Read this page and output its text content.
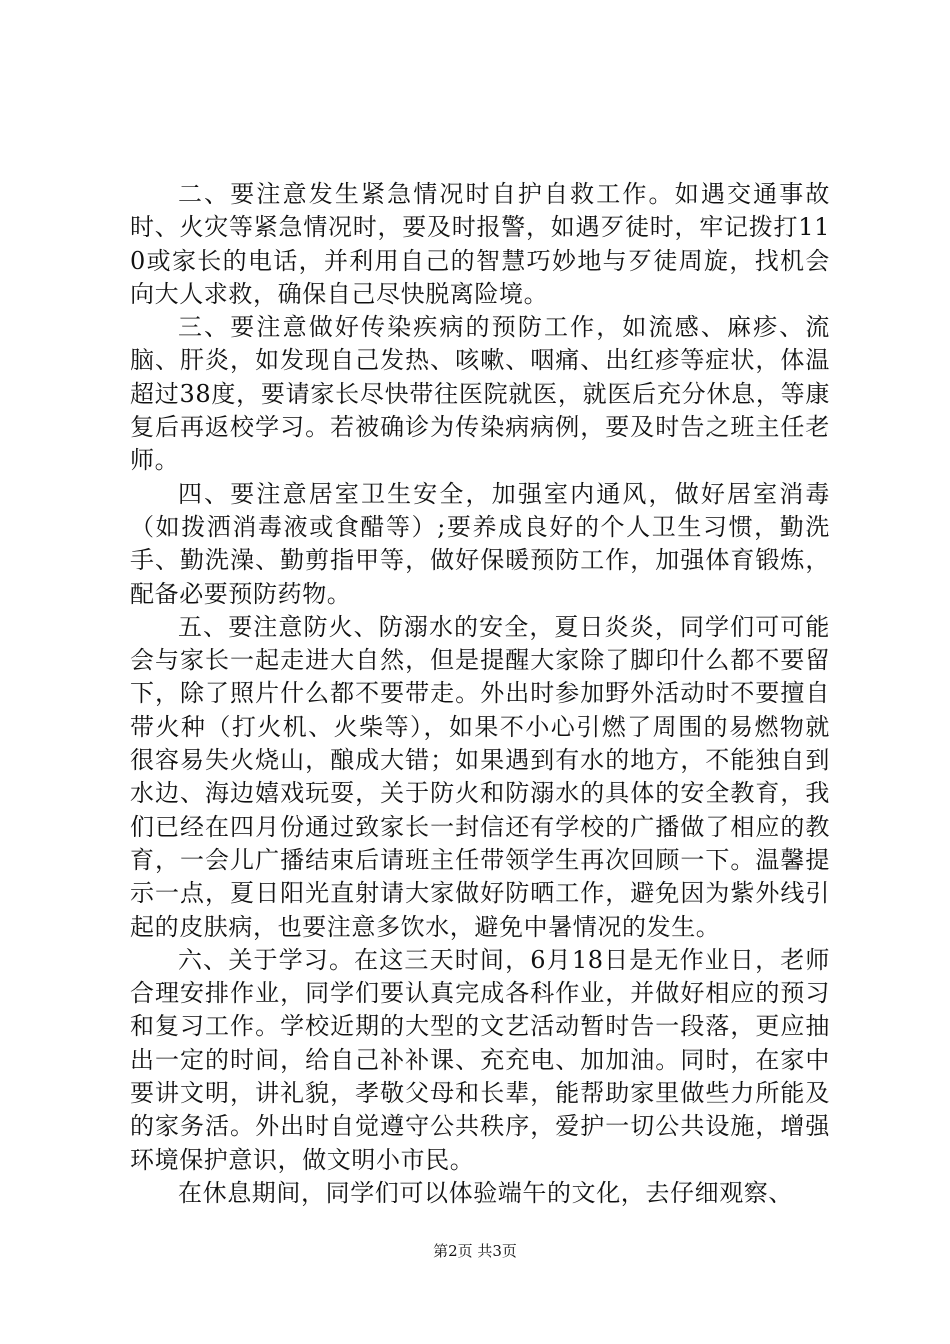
二、要注意发生紧急情况时自护自救工作。如遇交通事故时、火灾等紧急情况时，要及时报警，如遇歹徒时，牢记拨打110或家长的电话，并利用自己的智慧巧妙地与歹徒周旋，找机会向大人求救，确保自己尽快脱离险境。

三、要注意做好传染疾病的预防工作，如流感、麻疹、流脑、肝炎，如发现自己发热、咳嗽、咽痛、出红疹等症状，体温超过38度，要请家长尽快带往医院就医，就医后充分休息，等康复后再返校学习。若被确诊为传染病病例，要及时告之班主任老师。

四、要注意居室卫生安全，加强室内通风，做好居室消毒（如拨洒消毒液或食醋等）;要养成良好的个人卫生习惯，勤洗手、勤洗澡、勤剪指甲等，做好保暖预防工作，加强体育锻炼，配备必要预防药物。

五、要注意防火、防溺水的安全，夏日炎炎，同学们可可能会与家长一起走进大自然，但是提醒大家除了脚印什么都不要留下，除了照片什么都不要带走。外出时参加野外活动时不要擅自带火种（打火机、火柴等），如果不小心引燃了周围的易燃物就很容易失火烧山，酿成大错；如果遇到有水的地方，不能独自到水边、海边嬉戏玩耍，关于防火和防溺水的具体的安全教育，我们已经在四月份通过致家长一封信还有学校的广播做了相应的教育，一会儿广播结束后请班主任带领学生再次回顾一下。温馨提示一点，夏日阳光直射请大家做好防晒工作，避免因为紫外线引起的皮肤病，也要注意多饮水，避免中暑情况的发生。

六、关于学习。在这三天时间，6月18日是无作业日，老师合理安排作业，同学们要认真完成各科作业，并做好相应的预习和复习工作。学校近期的大型的文艺活动暂时告一段落，更应抽出一定的时间，给自己补补课、充充电、加加油。同时，在家中要讲文明，讲礼貌，孝敬父母和长辈，能帮助家里做些力所能及的家务活。外出时自觉遵守公共秩序，爱护一切公共设施，增强环境保护意识，做文明小市民。

在休息期间，同学们可以体验端午的文化，去仔细观察、

第2页 共3页
